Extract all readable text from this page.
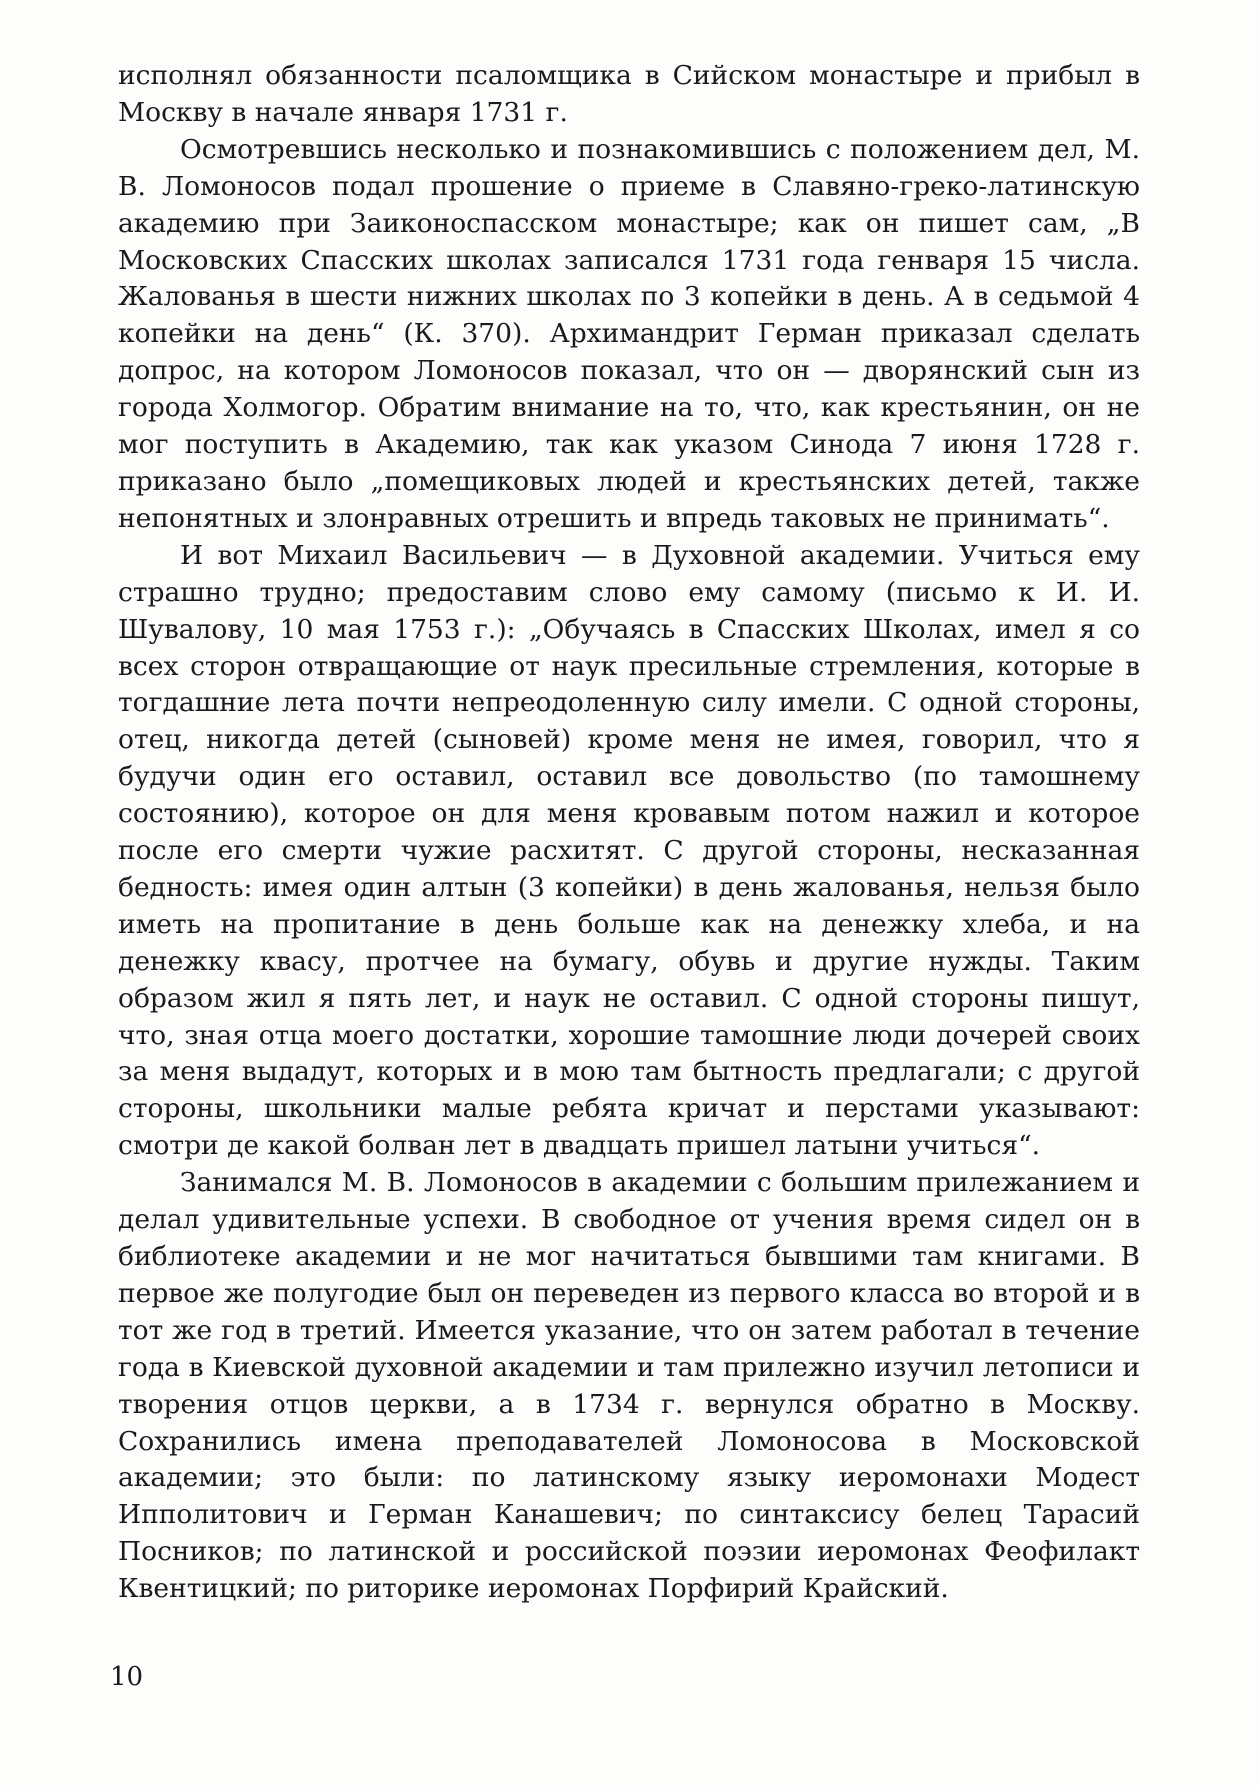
исполнял обязанности псаломщика в Сийском монастыре и прибыл в Москву в начале января 1731 г.

Осмотревшись несколько и познакомившись с положением дел, М. В. Ломоносов подал прошение о приеме в Славяно-греко-латинскую академию при Заиконоспасском монастыре; как он пишет сам, „В Московских Спасских школах записался 1731 года генваря 15 числа. Жалованья в шести нижних школах по 3 копейки в день. А в седьмой 4 копейки на день“ (К. 370). Архимандрит Герман приказал сделать допрос, на котором Ломоносов показал, что он — дворянский сын из города Холмогор. Обратим внимание на то, что, как крестьянин, он не мог поступить в Академию, так как указом Синода 7 июня 1728 г. приказано было „помещиковых людей и крестьянских детей, также непонятных и злонравных отрешить и впредь таковых не принимать“.

И вот Михаил Васильевич — в Духовной академии. Учиться ему страшно трудно; предоставим слово ему самому (письмо к И. И. Шувалову, 10 мая 1753 г.): „Обучаясь в Спасских Школах, имел я со всех сторон отвращающие от наук пресильные стремления, которые в тогдашние лета почти непреодоленную силу имели. С одной стороны, отец, никогда детей (сыновей) кроме меня не имея, говорил, что я будучи один его оставил, оставил все довольство (по тамошнему состоянию), которое он для меня кровавым потом нажил и которое после его смерти чужие расхитят. С другой стороны, несказанная бедность: имея один алтын (3 копейки) в день жалованья, нельзя было иметь на пропитание в день больше как на денежку хлеба, и на денежку квасу, протчее на бумагу, обувь и другие нужды. Таким образом жил я пять лет, и наук не оставил. С одной стороны пишут, что, зная отца моего достатки, хорошие тамошние люди дочерей своих за меня выдадут, которых и в мою там бытность предлагали; с другой стороны, школьники малые ребята кричат и перстами указывают: смотри де какой болван лет в двадцать пришел латыни учиться“.

Занимался М. В. Ломоносов в академии с большим прилежанием и делал удивительные успехи. В свободное от учения время сидел он в библиотеке академии и не мог начитаться бывшими там книгами. В первое же полугодие был он переведен из первого класса во второй и в тот же год в третий. Имеется указание, что он затем работал в течение года в Киевской духовной академии и там прилежно изучил летописи и творения отцов церкви, а в 1734 г. вернулся обратно в Москву. Сохранились имена преподавателей Ломоносова в Московской академии; это были: по латинскому языку иеромонахи Модест Ипполитович и Герман Канашевич; по синтаксису белец Тарасий Посников; по латинской и российской поэзии иеромонах Феофилакт Квентицкий; по риторике иеромонах Порфирий Крайский.

10
